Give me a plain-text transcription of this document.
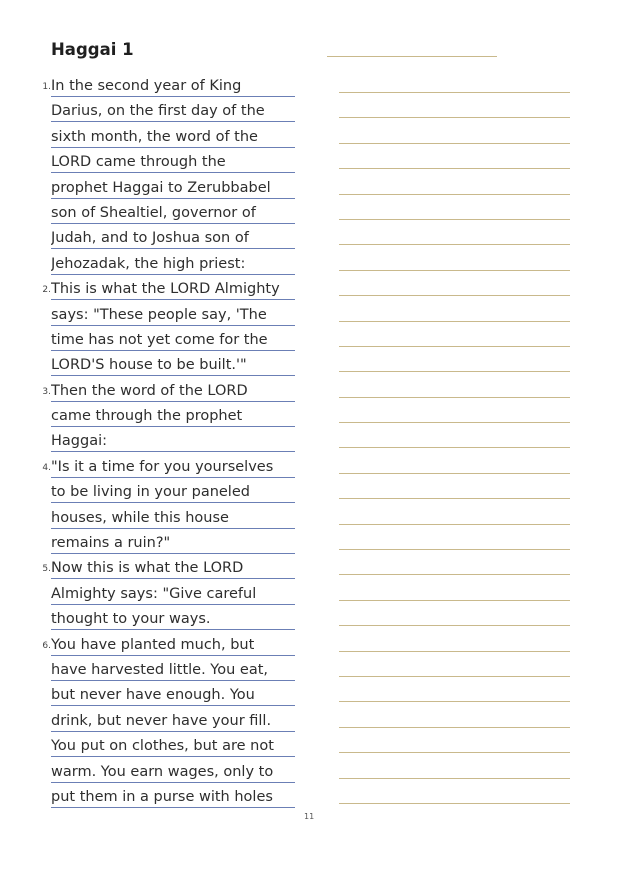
Haggai 1
1. In the second year of King
Darius, on the first day of the
sixth month, the word of the
LORD came through the
prophet Haggai to Zerubbabel
son of Shealtiel, governor of
Judah, and to Joshua son of
Jehozadak, the high priest:
2. This is what the LORD Almighty
says: "These people say, 'The
time has not yet come for the
LORD'S house to be built.'"
3. Then the word of the LORD
came through the prophet
Haggai:
4. "Is it a time for you yourselves
to be living in your paneled
houses, while this house
remains a ruin?"
5. Now this is what the LORD
Almighty says: "Give careful
thought to your ways.
6. You have planted much, but
have harvested little. You eat,
but never have enough. You
drink, but never have your fill.
You put on clothes, but are not
warm. You earn wages, only to
put them in a purse with holes
11
